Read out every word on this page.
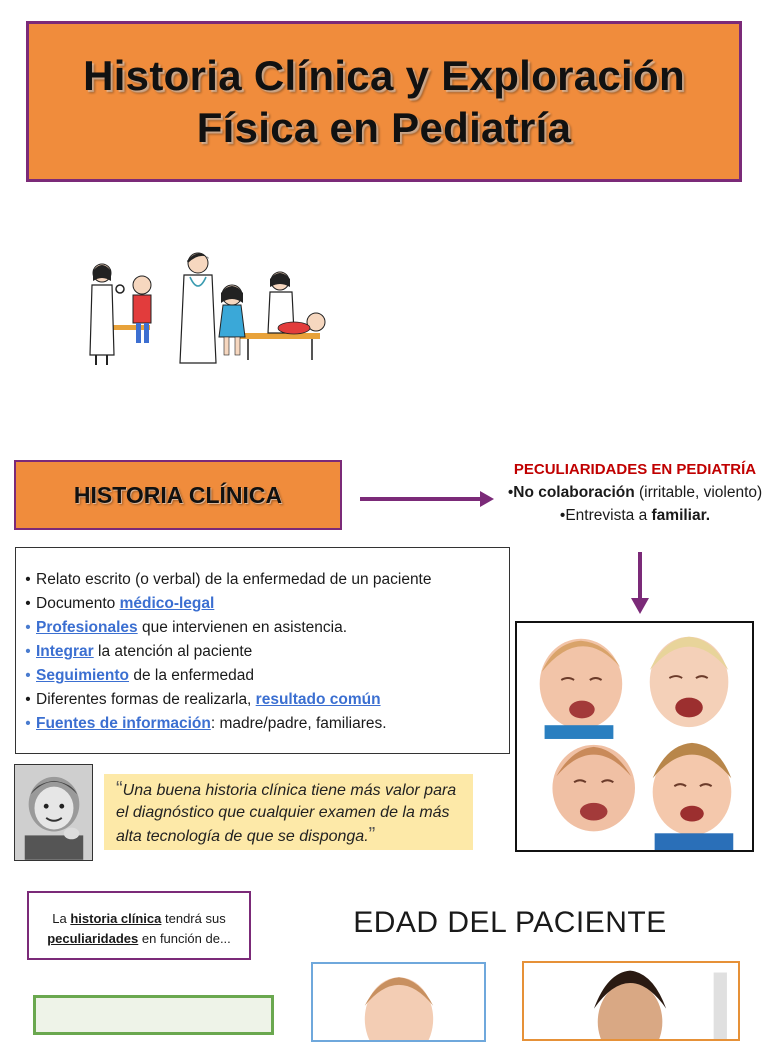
Historia Clínica y Exploración
Física en Pediatría
HISTORIA CLÍNICA
PECULIARIDADES EN PEDIATRÍA
•No colaboración (irritable, violento)
•Entrevista a familiar.
• Relato escrito (o verbal) de la enfermedad de un paciente
• Documento médico-legal
• Profesionales que intervienen en asistencia.
• Integrar la atención al paciente
• Seguimiento de la enfermedad
• Diferentes formas de realizarla, resultado común
• Fuentes de información: madre/padre, familiares.
“Una buena historia clínica tiene más valor para el diagnóstico que cualquier examen de la más alta tecnología de que se disponga.”
La historia clínica tendrá sus peculiaridades en función de...	EDAD DEL PACIENTE
